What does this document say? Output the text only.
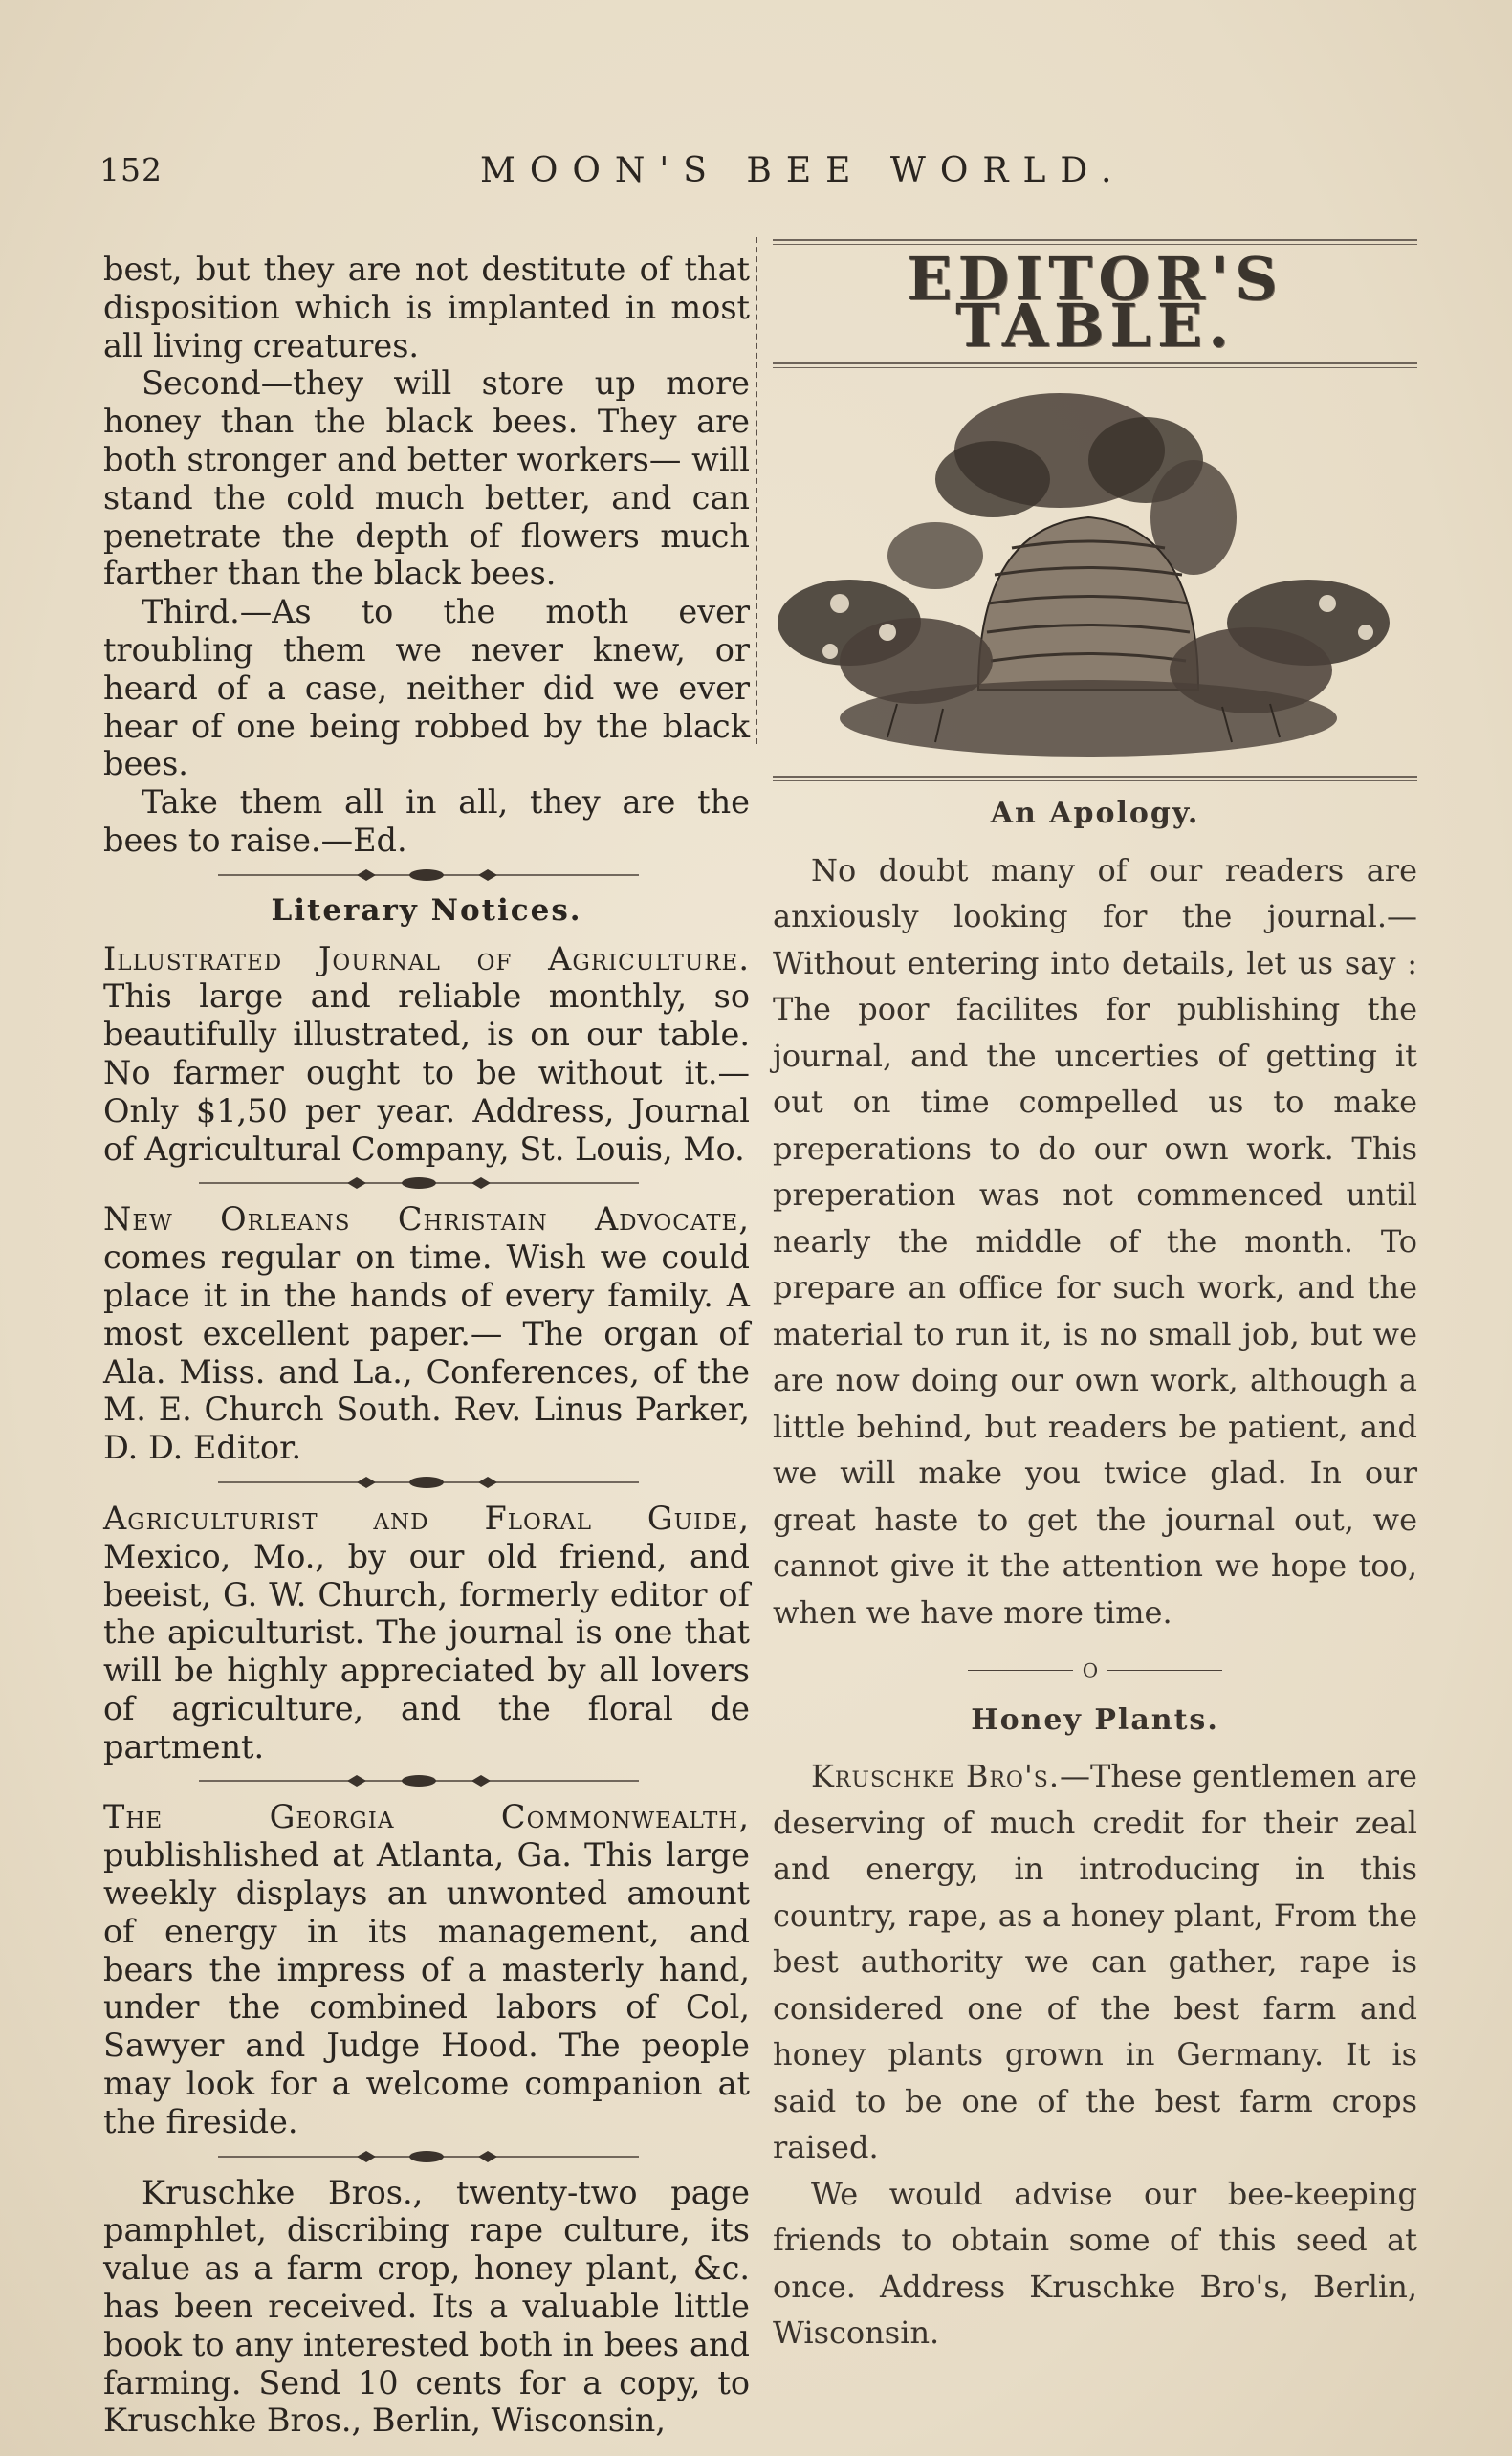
152	MOON'S BEE WORLD.

best, but they are not destitute of that disposition which is implanted in most all living creatures.

Second—they will store up more honey than the black bees. They are both stronger and better workers— will stand the cold much better, and can penetrate the depth of flowers much farther than the black bees.

Third.—As to the moth ever troubling them we never knew, or heard of a case, neither did we ever hear of one being robbed by the black bees.

Take them all in all, they are the bees to raise.—Ed.

Literary Notices.

Illustrated Journal of Agriculture. This large and reliable monthly, so beautifully illustrated, is on our table. No farmer ought to be without it.— Only $1,50 per year. Address, Journal of Agricultural Company, St. Louis, Mo.

New Orleans Christain Advocate, comes regular on time. Wish we could place it in the hands of every family. A most excellent paper.— The organ of Ala. Miss. and La., Conferences, of the M. E. Church South. Rev. Linus Parker, D. D. Editor.

Agriculturist and Floral Guide, Mexico, Mo., by our old friend, and beeist, G. W. Church, formerly editor of the apiculturist. The journal is one that will be highly appreciated by all lovers of agriculture, and the floral de partment.

The Georgia Commonwealth, publishlished at Atlanta, Ga. This large weekly displays an unwonted amount of energy in its management, and bears the impress of a masterly hand, under the combined labors of Col, Sawyer and Judge Hood. The people may look for a welcome companion at the fireside.

Kruschke Bros., twenty-two page pamphlet, discribing rape culture, its value as a farm crop, honey plant, &c. has been received. Its a valuable little book to any interested both in bees and farming. Send 10 cents for a copy, to Kruschke Bros., Berlin, Wisconsin,

EDITOR'S TABLE.
An Apology.

No doubt many of our readers are anxiously looking for the journal.— Without entering into details, let us say : The poor facilites for publishing the journal, and the uncerties of getting it out on time compelled us to make preperations to do our own work. This preperation was not commenced until nearly the middle of the month. To prepare an office for such work, and the material to run it, is no small job, but we are now doing our own work, although a little behind, but readers be patient, and we will make you twice glad. In our great haste to get the journal out, we cannot give it the attention we hope too, when we have more time.

O
Honey Plants.

Kruschke Bro's.—These gentlemen are deserving of much credit for their zeal and energy, in introducing in this country, rape, as a honey plant, From the best authority we can gather, rape is considered one of the best farm and honey plants grown in Germany. It is said to be one of the best farm crops raised.

We would advise our bee-keeping friends to obtain some of this seed at once. Address Kruschke Bro's, Berlin, Wisconsin.
